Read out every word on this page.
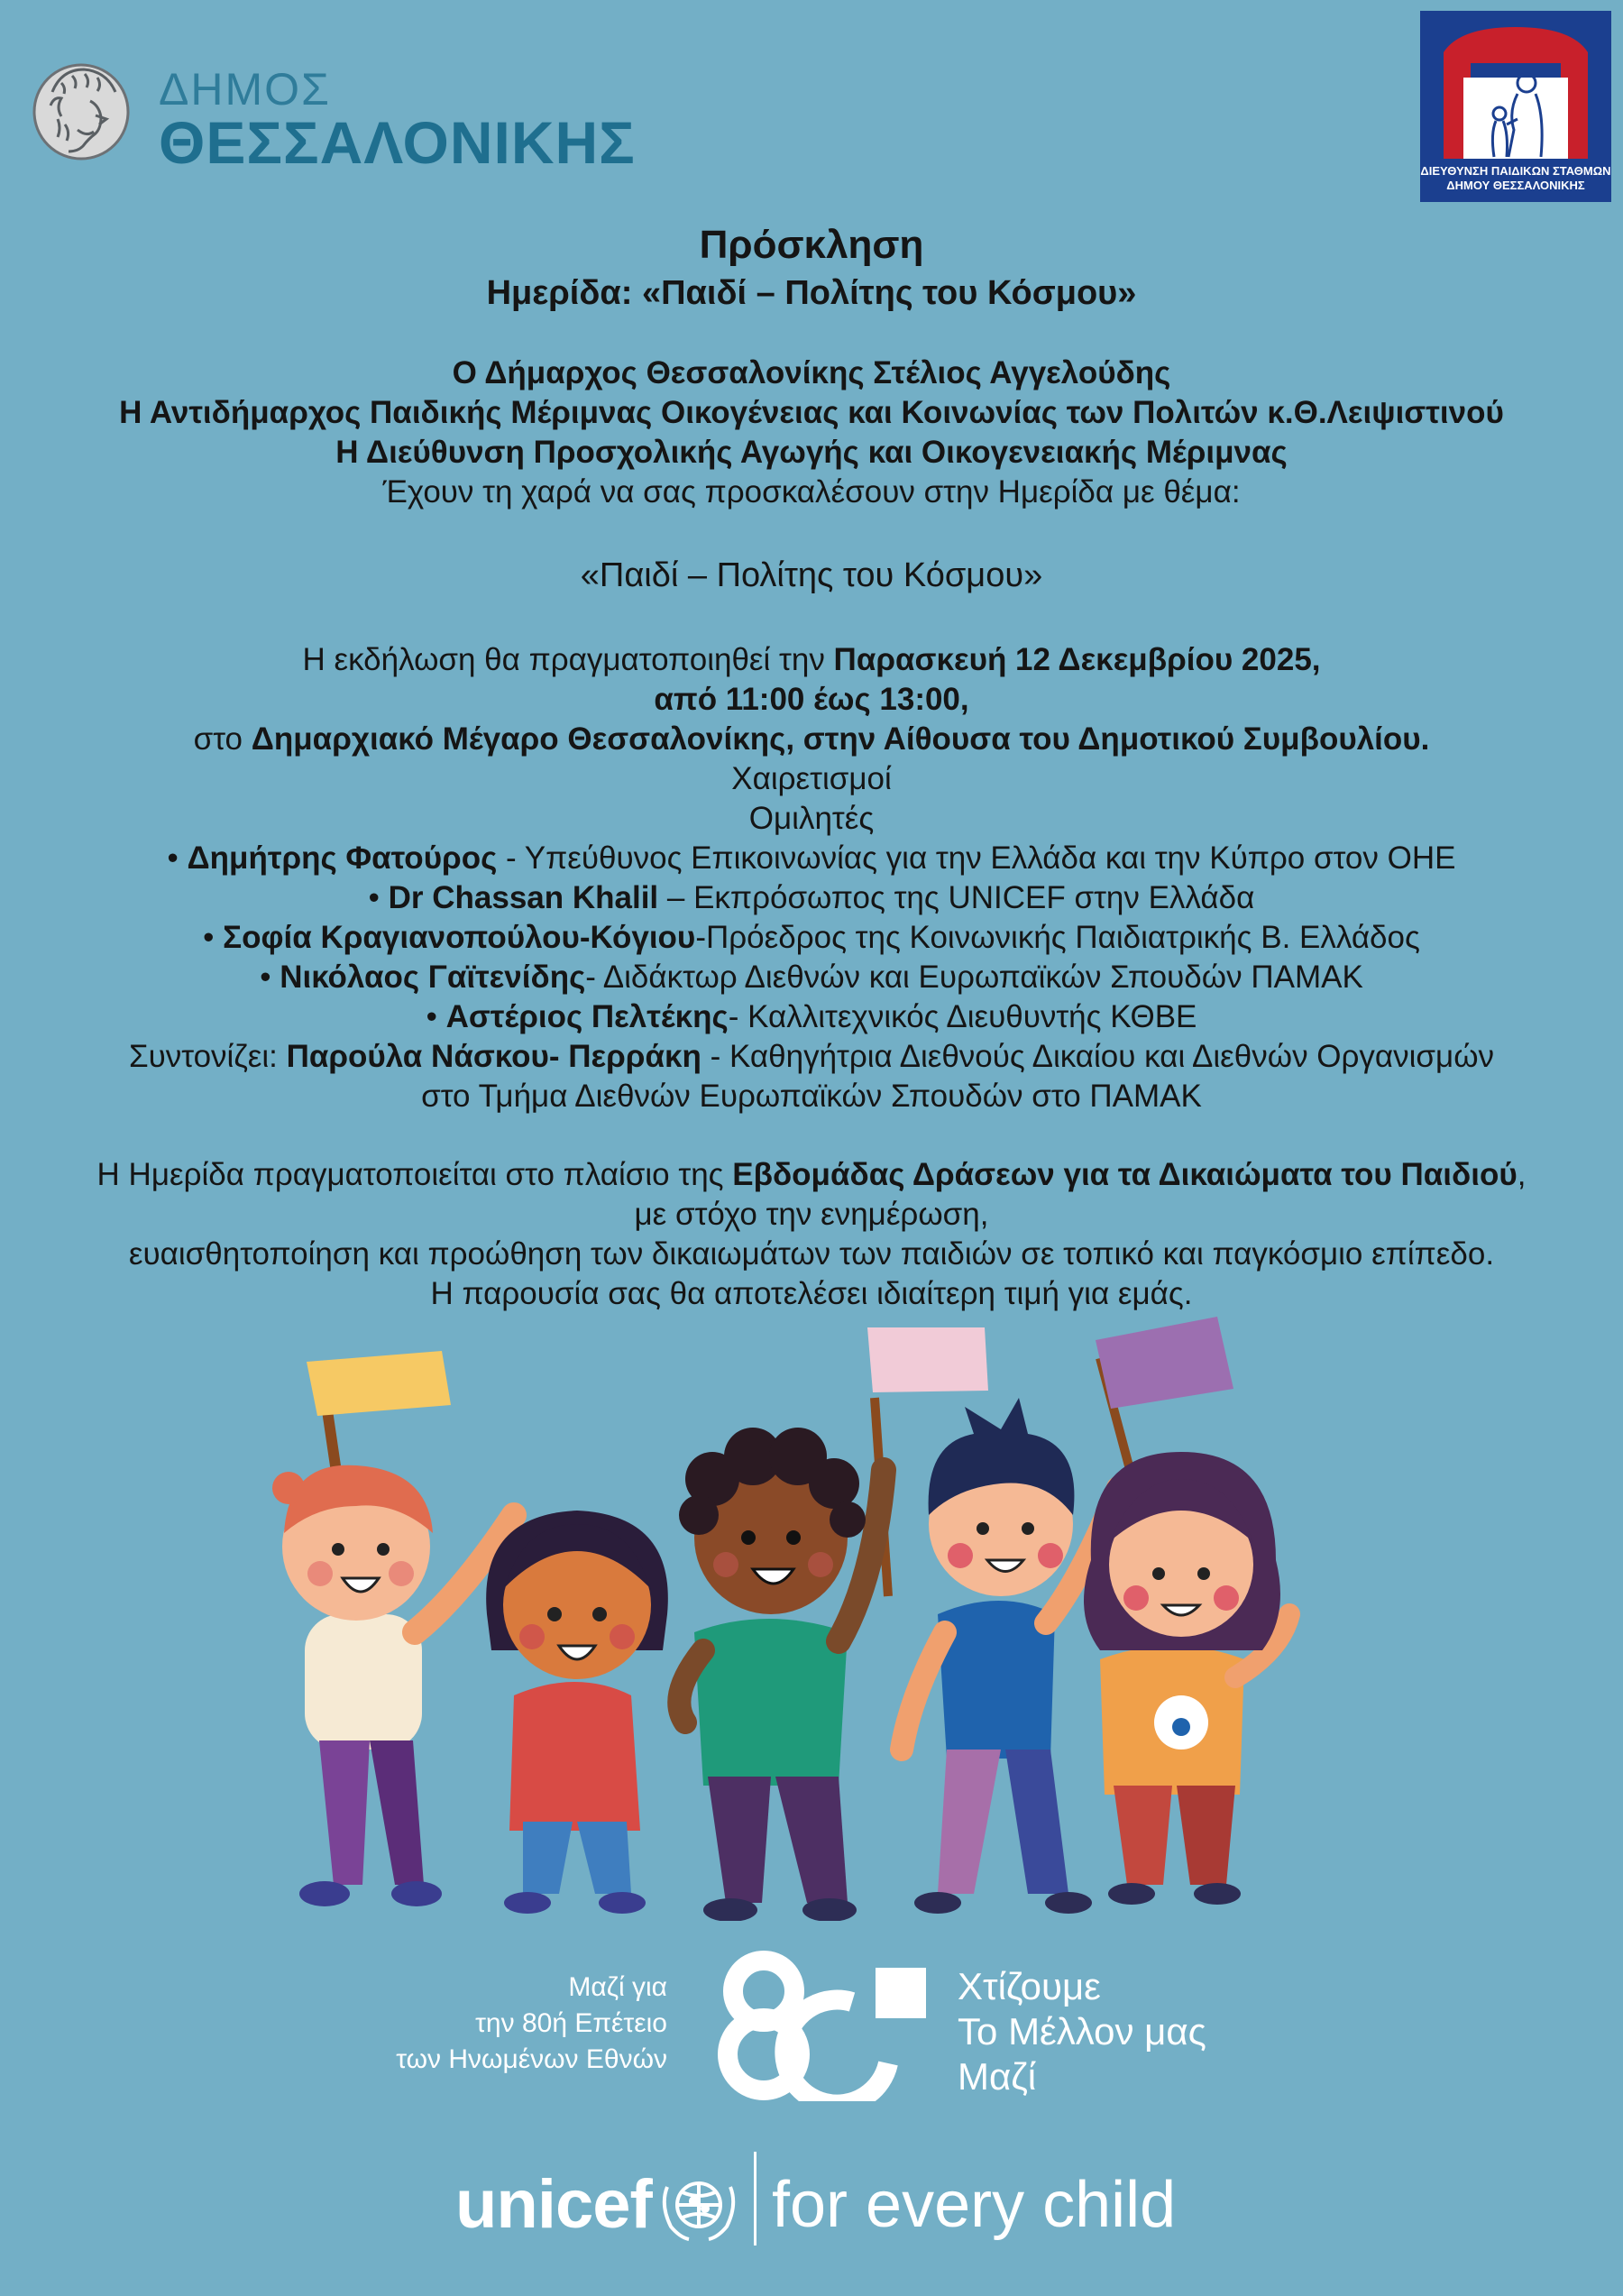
ΔΗΜΟΣ
ΘΕΣΣΑΛΟΝΙΚΗΣ	ΔΙΕΥΘΥΝΣΗ ΠΑΙΔΙΚΩΝ ΣΤΑΘΜΩΝ
ΔΗΜΟΥ ΘΕΣΣΑΛΟΝΙΚΗΣ
Πρόσκληση
Ημερίδα: «Παιδί – Πολίτης του Κόσμου»
Ο Δήμαρχος Θεσσαλονίκης Στέλιος Αγγελούδης
Η Αντιδήμαρχος Παιδικής Μέριμνας Οικογένειας και Κοινωνίας των Πολιτών κ.Θ.Λειψιστινού
Η Διεύθυνση Προσχολικής Αγωγής και Οικογενειακής Μέριμνας
Έχουν τη χαρά να σας προσκαλέσουν στην Ημερίδα με θέμα:
«Παιδί – Πολίτης του Κόσμου»
Η εκδήλωση θα πραγματοποιηθεί την Παρασκευή 12 Δεκεμβρίου 2025,
από 11:00 έως 13:00,
στο Δημαρχιακό Μέγαρο Θεσσαλονίκης, στην Αίθουσα του Δημοτικού Συμβουλίου.
Χαιρετισμοί
Ομιλητές
• Δημήτρης Φατούρος - Υπεύθυνος Επικοινωνίας για την Ελλάδα και την Κύπρο στον ΟΗΕ
• Dr Chassan Khalil – Εκπρόσωπος της UNICEF στην Ελλάδα
• Σοφία Κραγιανοπούλου-Κόγιου-Πρόεδρος της Κοινωνικής Παιδιατρικής Β. Ελλάδος
• Νικόλαος Γαϊτενίδης- Διδάκτωρ Διεθνών και Ευρωπαϊκών Σπουδών ΠΑΜΑΚ
• Αστέριος Πελτέκης- Καλλιτεχνικός Διευθυντής ΚΘΒΕ
Συντονίζει: Παρούλα Νάσκου- Περράκη - Καθηγήτρια Διεθνούς Δικαίου και Διεθνών Οργανισμών
στο Τμήμα Διεθνών Ευρωπαϊκών Σπουδών στο ΠΑΜΑΚ
Η Ημερίδα πραγματοποιείται στο πλαίσιο της Εβδομάδας Δράσεων για τα Δικαιώματα του Παιδιού,
με στόχο την ενημέρωση,
ευαισθητοποίηση και προώθηση των δικαιωμάτων των παιδιών σε τοπικό και παγκόσμιο επίπεδο.
Η παρουσία σας θα αποτελέσει ιδιαίτερη τιμή για εμάς.
Μαζί για
την 80ή Επέτειο
των Ηνωμένων Εθνών
Χτίζουμε
Το Μέλλον μας
Μαζί
unicef for every child
